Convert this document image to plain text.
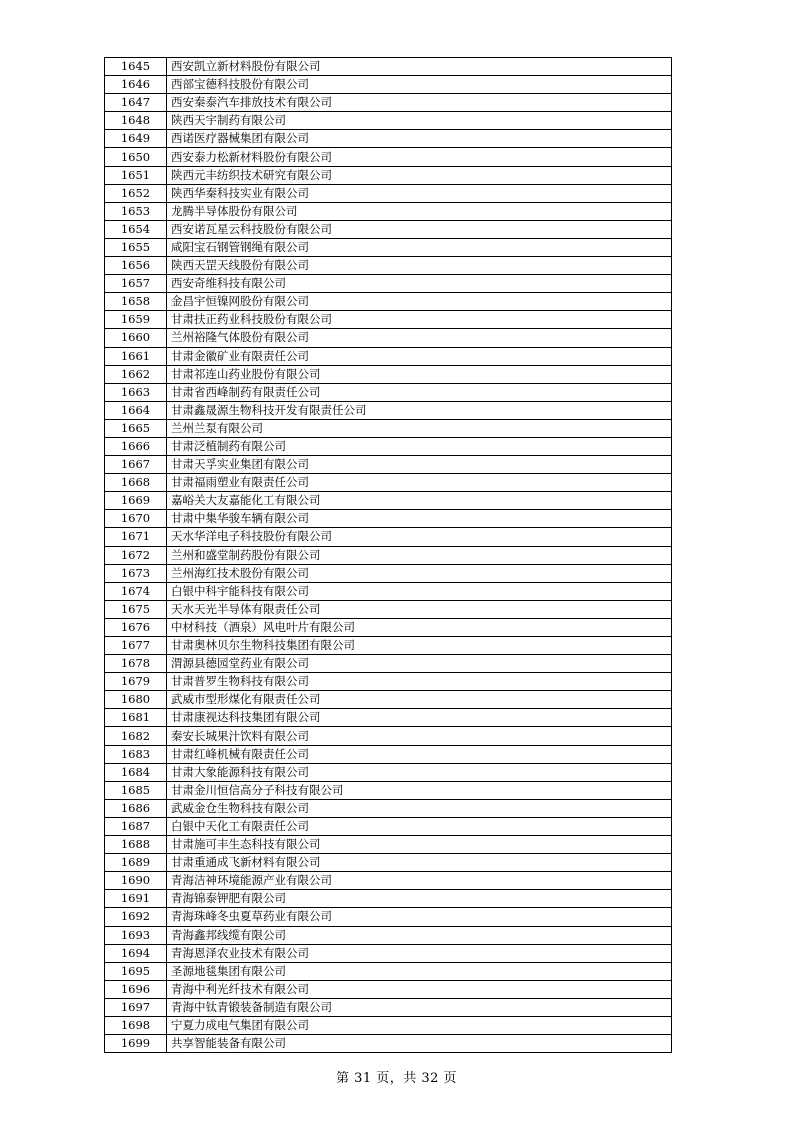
1645	西安凯立新材料股份有限公司
1646	西部宝德科技股份有限公司
1647	西安秦泰汽车排放技术有限公司
1648	陕西天宇制药有限公司
1649	西诺医疗器械集团有限公司
1650	西安泰力松新材料股份有限公司
1651	陕西元丰纺织技术研究有限公司
1652	陕西华秦科技实业有限公司
1653	龙腾半导体股份有限公司
1654	西安诺瓦星云科技股份有限公司
1655	咸阳宝石钢管钢绳有限公司
1656	陕西天罡天线股份有限公司
1657	西安奇维科技有限公司
1658	金昌宇恒镍网股份有限公司
1659	甘肃扶正药业科技股份有限公司
1660	兰州裕隆气体股份有限公司
1661	甘肃金徽矿业有限责任公司
1662	甘肃祁连山药业股份有限公司
1663	甘肃省西峰制药有限责任公司
1664	甘肃鑫晟源生物科技开发有限责任公司
1665	兰州兰泵有限公司
1666	甘肃泛植制药有限公司
1667	甘肃天孚实业集团有限公司
1668	甘肃福雨塑业有限责任公司
1669	嘉峪关大友嘉能化工有限公司
1670	甘肃中集华骏车辆有限公司
1671	天水华洋电子科技股份有限公司
1672	兰州和盛堂制药股份有限公司
1673	兰州海红技术股份有限公司
1674	白银中科宇能科技有限公司
1675	天水天光半导体有限责任公司
1676	中材科技（酒泉）风电叶片有限公司
1677	甘肃奥林贝尔生物科技集团有限公司
1678	渭源县德园堂药业有限公司
1679	甘肃普罗生物科技有限公司
1680	武威市型形煤化有限责任公司
1681	甘肃康视达科技集团有限公司
1682	秦安长城果汁饮料有限公司
1683	甘肃红峰机械有限责任公司
1684	甘肃大象能源科技有限公司
1685	甘肃金川恒信高分子科技有限公司
1686	武威金仓生物科技有限公司
1687	白银中天化工有限责任公司
1688	甘肃施可丰生态科技有限公司
1689	甘肃重通成飞新材料有限公司
1690	青海洁神环境能源产业有限公司
1691	青海锦泰钾肥有限公司
1692	青海珠峰冬虫夏草药业有限公司
1693	青海鑫邦线缆有限公司
1694	青海恩泽农业技术有限公司
1695	圣源地毯集团有限公司
1696	青海中利光纤技术有限公司
1697	青海中钛青锻装备制造有限公司
1698	宁夏力成电气集团有限公司
1699	共享智能装备有限公司
第 31 页，共 32 页
